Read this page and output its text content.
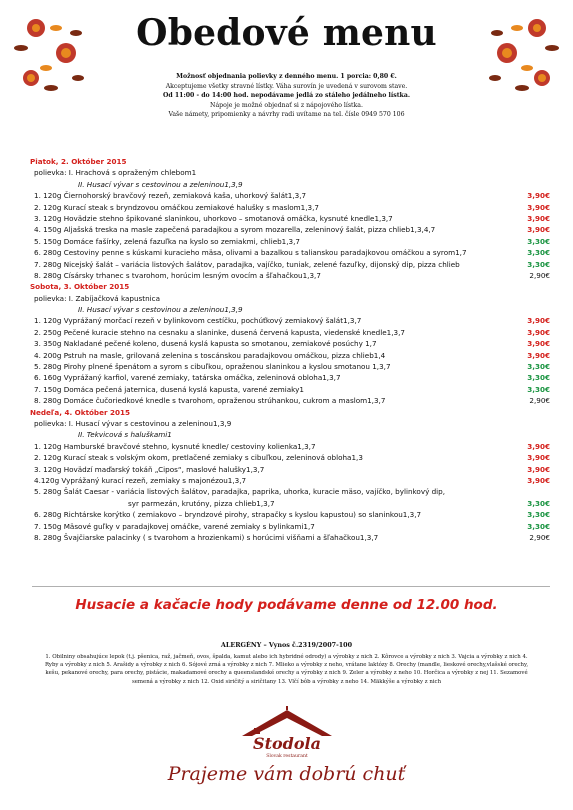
Obedové menu
Možnosť objednania polievky z denného menu. 1 porcia: 0,80 €.
Akceptujeme všetky stravné lístky. Váha surovín je uvedená v surovom stave.
Od 11:00 - do 14:00 hod. nepodávame jedlá zo stáleho jedálneho lístka.
Nápoje je možné objednať si z nápojového lístka.
Vaše námety, pripomienky a návrhy radi uvítame na tel. čísle 0949 570 106
Piatok, 2. Október 2015
polievka: I. Hrachová s opraženým chlebom1
II. Husací vývar s cestovinou a zeleninou1,3,9
1. 120g Čiernohorský bravčový rezeň, zemiaková kaša, uhorkový šalát1,3,7	3,90€
2. 120g Kurací steak s bryndzovou omáčkou zemiakové halušky s maslom1,3,7	3,90€
3. 120g Hovädzie stehno špikované slaninkou, uhorkovo – smotanová omáčka, kysnuté knedle1,3,7	3,90€
4. 150g Aljašská treska na masle zapečená paradajkou a syrom mozarella, zeleninový šalát, pizza chlieb1,3,4,7	3,90€
5. 150g Domáce fašírky, zelená fazuľka na kyslo so zemiakmi, chlieb1,3,7	3,30€
6. 280g Cestoviny penne s kúskami kuracieho mäsa, olivami a bazalkou s talianskou paradajkovou omáčkou a syrom1,7	3,30€
7. 280g Nicejský šalát – variácia listových šalátov, paradajka, vajíčko, tuniak, zelené fazuľky, dijonský dip, pizza chlieb	3,30€
8. 280g Císársky trhanec s tvarohom, horúcim lesným ovocím a šľahačkou1,3,7	2,90€
Sobota, 3. Október 2015
polievka: I. Zabíjačková kapustnica
II. Husací vývar s cestovinou a zeleninou1,3,9
1. 120g Vyprážaný morčací rezeň v bylinkovom cestíčku, pochúťkový zemiakový šalát1,3,7	3,90€
2. 250g Pečené kuracie stehno na cesnaku a slaninke, dusená červená kapusta, viedenské knedle1,3,7	3,90€
3. 350g Nakladané pečené koleno, dusená kyslá kapusta so smotanou, zemiakové posúchy 1,7	3,90€
4. 200g Pstruh na masle, grilovaná zelenina s toscánskou paradajkovou omáčkou, pizza chlieb1,4	3,90€
5. 280g Pirohy plnené špenátom a syrom s cibuľkou, opraženou slaninkou a kyslou smotanou 1,3,7	3,30€
6. 160g Vyprážaný karfiol, varené zemiaky, tatárska omáčka, zeleninová obloha1,3,7	3,30€
7. 150g Domáca pečená jaternica, dusená kyslá kapusta, varené zemiaky1	3,30€
8. 280g Domáce čučoriedkové knedle s tvarohom, opraženou strúhankou, cukrom a maslom1,3,7	2,90€
Nedeľa, 4. Október 2015
polievka: I. Husací vývar s cestovinou a zeleninou1,3,9
II. Tekvicová s haluškami1
1. 120g Hamburské bravčové stehno, kysnuté knedle/ cestoviny kolienka1,3,7	3,90€
2. 120g Kurací steak s volským okom, pretlačené zemiaky s cibuľkou, zeleninová obloha1,3	3,90€
3. 120g Hovädzí maďarský tokáň „Cipos“, maslové halušky1,3,7	3,90€
4.120g Vyprážaný kurací rezeň, zemiaky s majonézou1,3,7	3,90€
5. 280g Šalát Caesar - variácia listových šalátov, paradajka, paprika, uhorka, kuracie mäso, vajíčko, bylinkový dip,
syr parmezán, krutóny, pizza chlieb1,3,7	3,30€
6. 280g Richtárske korýtko ( zemiakovo – bryndzové pirohy, strapačky s kyslou kapustou) so slaninkou1,3,7	3,30€
7. 150g Mäsové guľky v paradajkovej omáčke, varené zemiaky s bylinkami1,7	3,30€
8. 280g Švajčiarske palacinky ( s tvarohom a hrozienkami) s horúcimi višňami a šľahačkou1,3,7	2,90€
Husacie a kačacie hody podávame denne od 12.00 hod.
ALERGÉNY – Vynos č.2319/2007-100
1. Obilniny obsahujúce lepok (t.j. pšenica, raž, jačmeň, ovos, špalda, kamut alebo ich hybridné odrody) a výrobky z nich 2. Kôrovce a výrobky z nich 3. Vajcia a výrobky z nich 4. Ryby a výrobky z nich 5. Arašidy a výrobky z nich 6. Sójové zrná a výrobky z nich 7. Mlieko a výrobky z neho, vrátane laktózy 8. Orechy (mandle, lieskové orechy,vlašské orechy, kešu, pekanové orechy, para orechy, pistácie, makadamové orechy a queenslandské orechy a výrobky z nich 9. Zeler a výrobky z neho 10. Horčica a výrobky z nej 11. Sezamové semená a výrobky z nich 12. Oxid siričitý a siričitany 13. Vlčí bôb a výrobky z neho 14. Mäkkýše a výrobky z nich
Stodola
Slovak restaurant
Prajeme vám dobrú chuť
